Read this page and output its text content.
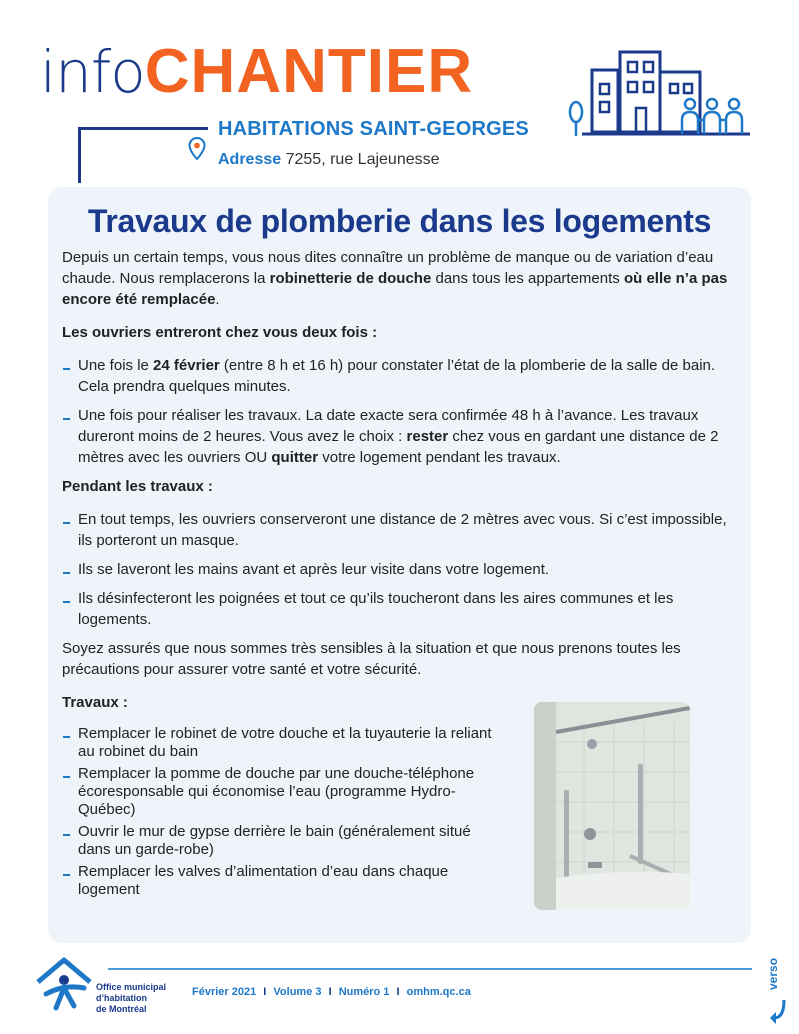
infoCHANTIER
HABITATIONS SAINT-GEORGES
Adresse 7255, rue Lajeunesse
Travaux de plomberie dans les logements

Depuis un certain temps, vous nous dites connaître un problème de manque ou de variation d’eau chaude. Nous remplacerons la robinetterie de douche dans tous les appartements où elle n’a pas encore été remplacée.

Les ouvriers entreront chez vous deux fois :

Une fois le 24 février (entre 8 h et 16 h) pour constater l’état de la plomberie de la salle de bain. Cela prendra quelques minutes.
Une fois pour réaliser les travaux. La date exacte sera confirmée 48 h à l’avance. Les travaux dureront moins de 2 heures. Vous avez le choix : rester chez vous en gardant une distance de 2 mètres avec les ouvriers OU quitter votre logement pendant les travaux.

Pendant les travaux :

En tout temps, les ouvriers conserveront une distance de 2 mètres avec vous. Si c’est impossible, ils porteront un masque.
Ils se laveront les mains avant et après leur visite dans votre logement.
Ils désinfecteront les poignées et tout ce qu’ils toucheront dans les aires communes et les logements.

Soyez assurés que nous sommes très sensibles à la situation et que nous prenons toutes les précautions pour assurer votre santé et votre sécurité.

Travaux :

Remplacer le robinet de votre douche et la tuyauterie la reliant au robinet du bain
Remplacer la pomme de douche par une douche-téléphone écoresponsable qui économise l’eau (programme Hydro-Québec)
Ouvrir le mur de gypse derrière le bain (généralement situé dans un garde-robe)
Remplacer les valves d’alimentation d’eau dans chaque logement
Office municipal
d’habitation
de Montréal
Février 2021 I Volume 3 I Numéro 1 I omhm.qc.ca
verso
